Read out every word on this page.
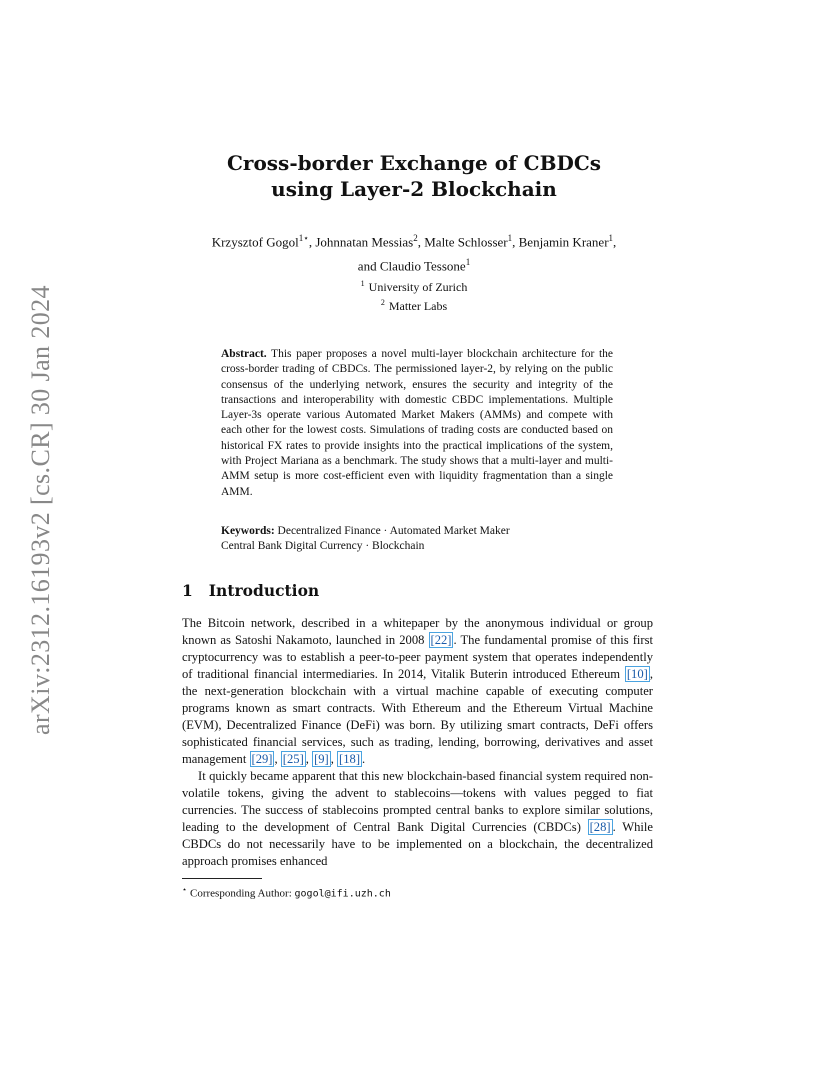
arXiv:2312.16193v2 [cs.CR] 30 Jan 2024
Cross-border Exchange of CBDCs
using Layer-2 Blockchain
Krzysztof Gogol$^{1⋆}$, Johnnatan Messias$^2$, Malte Schlosser$^1$, Benjamin Kraner$^1$,
and Claudio Tessone$^1$
$^1$ University of Zurich
$^2$ Matter Labs
Abstract. This paper proposes a novel multi-layer blockchain architecture for the cross-border trading of CBDCs. The permissioned layer-2, by relying on the public consensus of the underlying network, ensures the security and integrity of the transactions and interoperability with domestic CBDC implementations. Multiple Layer-3s operate various Automated Market Makers (AMMs) and compete with each other for the lowest costs. Simulations of trading costs are conducted based on historical FX rates to provide insights into the practical implications of the system, with Project Mariana as a benchmark. The study shows that a multi-layer and multi-AMM setup is more cost-efficient even with liquidity fragmentation than a single AMM.
Keywords: Decentralized Finance · Automated Market Maker
Central Bank Digital Currency · Blockchain
1 Introduction

The Bitcoin network, described in a whitepaper by the anonymous individual or group known as Satoshi Nakamoto, launched in 2008 [22] . The fundamental promise of this first cryptocurrency was to establish a peer-to-peer payment system that operates independently of traditional financial intermediaries. In 2014, Vitalik Buterin introduced Ethereum [10] , the next-generation blockchain with a virtual machine capable of executing computer programs known as smart contracts. With Ethereum and the Ethereum Virtual Machine (EVM), Decentralized Finance (DeFi) was born. By utilizing smart contracts, DeFi offers sophisticated financial services, such as trading, lending, borrowing, derivatives and asset management [29] , [25] , [9] , [18] .

It quickly became apparent that this new blockchain-based financial system required non-volatile tokens, giving the advent to stablecoins—tokens with values pegged to fiat currencies. The success of stablecoins prompted central banks to explore similar solutions, leading to the development of Central Bank Digital Currencies (CBDCs) [28] . While CBDCs do not necessarily have to be implemented on a blockchain, the decentralized approach promises enhanced

⋆ Corresponding Author: gogol@ifi.uzh.ch
